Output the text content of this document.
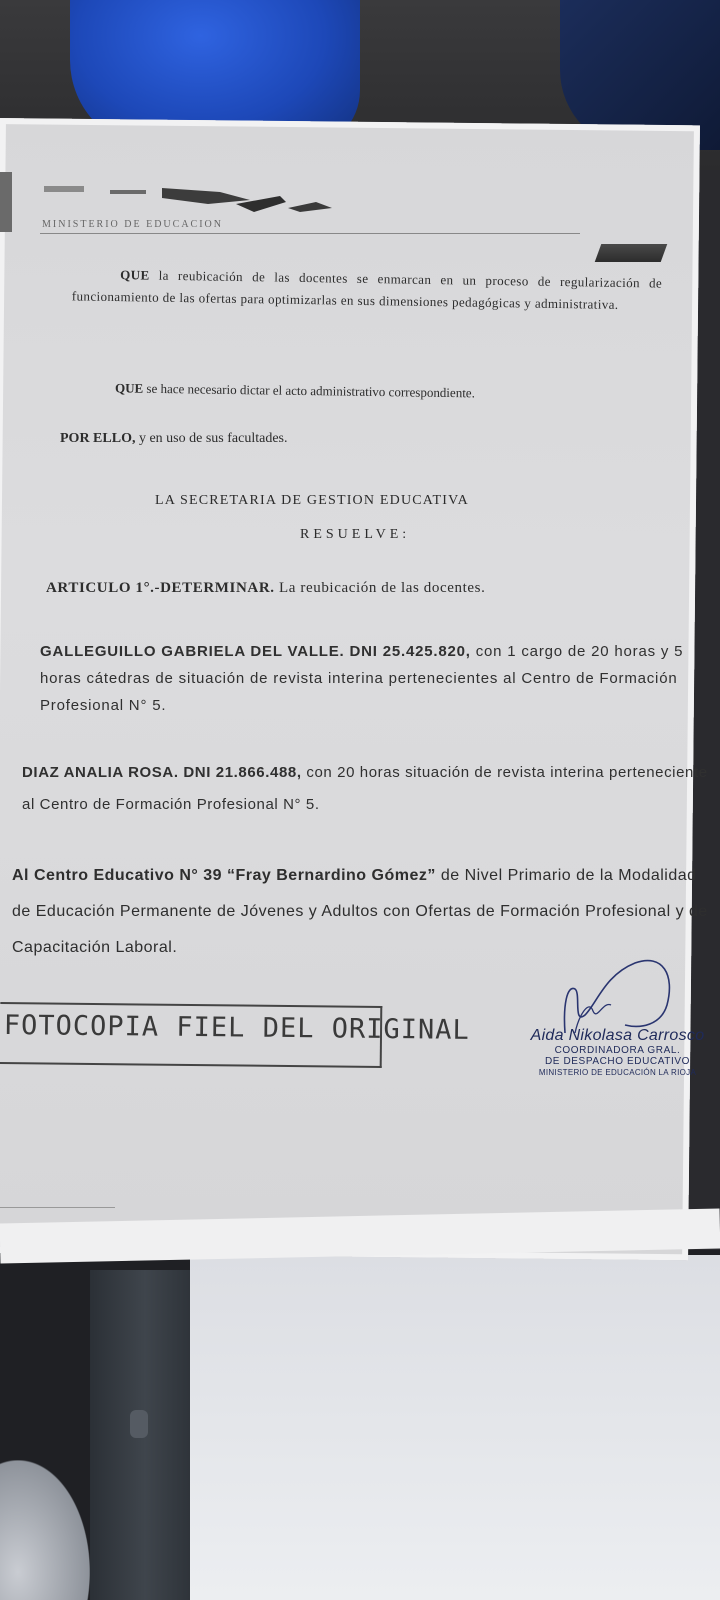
MINISTERIO DE EDUCACION
QUE la reubicación de las docentes se enmarcan en un proceso de regularización de funcionamiento de las ofertas para optimizarlas en sus dimensiones pedagógicas y administrativa.
QUE se hace necesario dictar el acto administrativo correspondiente.
POR ELLO, y en uso de sus facultades.
LA SECRETARIA DE GESTION EDUCATIVA
RESUELVE:
ARTICULO 1°.-DETERMINAR. La reubicación de las docentes.
GALLEGUILLO GABRIELA DEL VALLE. DNI 25.425.820, con 1 cargo de 20 horas y 5 horas cátedras de situación de revista interina pertenecientes al Centro de Formación Profesional N° 5.
DIAZ ANALIA ROSA. DNI 21.866.488, con 20 horas situación de revista interina perteneciente al Centro de Formación Profesional N° 5.
Al Centro Educativo N° 39 “Fray Bernardino Gómez” de Nivel Primario de la Modalidad de Educación Permanente de Jóvenes y Adultos con Ofertas de Formación Profesional y de Capacitación Laboral.
FOTOCOPIA FIEL DEL ORIGINAL	Aida Nikolasa Carrosco
COORDINADORA GRAL.
DE DESPACHO EDUCATIVO
MINISTERIO DE EDUCACIÓN LA RIOJA
